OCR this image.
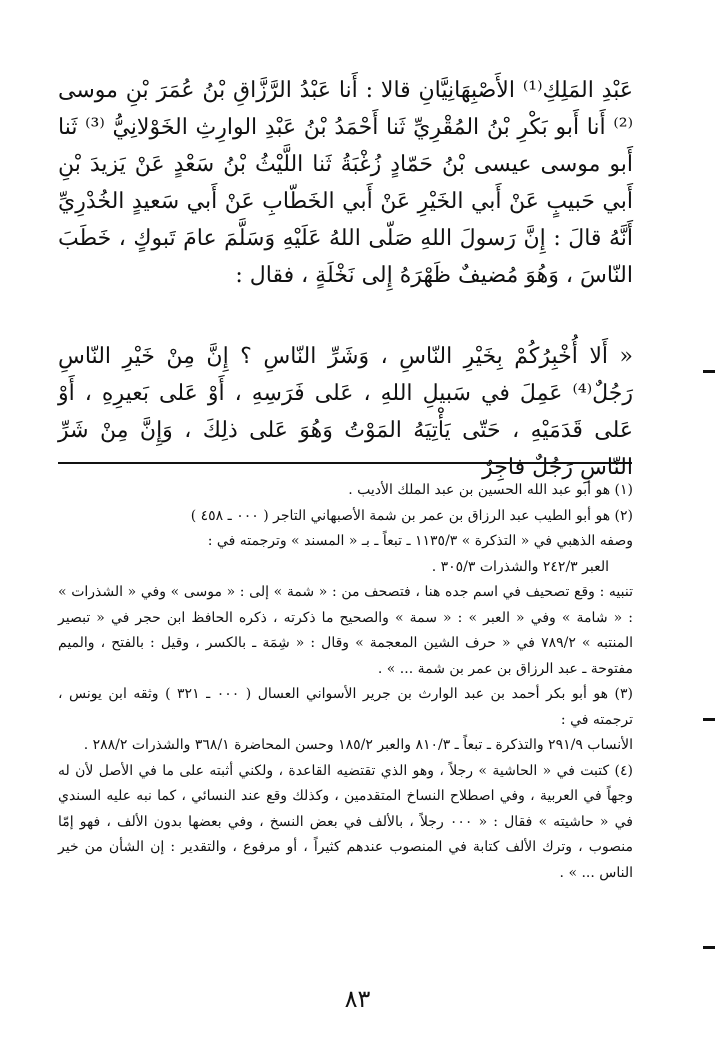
عَبْدِ المَلِكِ⁽¹⁾ الأَصْبِهَانِيَّانِ قالا : أَنا عَبْدُ الرَّزَّاقِ بْنُ عُمَرَ بْنِ موسى ⁽²⁾ أَنا أَبو بَكْرِ بْنُ المُقْرِيِّ ثَنا أَحْمَدُ بْنُ عَبْدِ الوارِثِ الخَوْلانِيُّ ⁽³⁾ ثَنا أَبو موسى عيسى بْنُ حَمّادٍ زُغْبَةُ ثَنا اللَّيْثُ بْنُ سَعْدٍ عَنْ يَزيدَ بْنِ أَبي حَبيبٍ عَنْ أَبي الخَيْرِ عَنْ أَبي الخَطّابِ عَنْ أَبي سَعيدٍ الخُدْرِيِّ أَنَّهُ قالَ : إِنَّ رَسولَ اللهِ صَلّى اللهُ عَلَيْهِ وَسَلَّمَ عامَ تَبوكٍ ، خَطَبَ النّاسَ ، وَهُوَ مُضيفٌ ظَهْرَهُ إِلى نَخْلَةٍ ، فقال :

« أَلا أُخْبِرُكُمْ بِخَيْرِ النّاسِ ، وَشَرِّ النّاسِ ؟ إِنَّ مِنْ خَيْرِ النّاسِ رَجُلٌ⁽⁴⁾ عَمِلَ في سَبيلِ اللهِ ، عَلى فَرَسِهِ ، أَوْ عَلى بَعيرِهِ ، أَوْ عَلى قَدَمَيْهِ ، حَتّى يَأْتِيَهُ المَوْتُ وَهُوَ عَلى ذلِكَ ، وَإِنَّ مِنْ شَرِّ النّاسِ رَجُلٌ فاجِرٌ

(١) هو أبو عبد الله الحسين بن عبد الملك الأديب .

(٢) هو أبو الطيب عبد الرزاق بن عمر بن شمة الأصبهاني التاجر ( ٠٠٠ ـ ٤٥٨ )

وصفه الذهبي في « التذكرة » ١١٣٥/٣ ـ تبعاً ـ بـ « المسند » وترجمته في :

العبر ٢٤٢/٣ والشذرات ٣٠٥/٣ .

تنبيه : وقع تصحيف في اسم جده هنا ، فتصحف من : « شمة » إلى : « موسى » وفي « الشذرات » : « شامة » وفي « العبر » : « سمة » والصحيح ما ذكرته ، ذكره الحافظ ابن حجر في « تبصير المنتبه » ٧٨٩/٢ في « حرف الشين المعجمة » وقال : « شِمَة ـ بالكسر ، وقيل : بالفتح ، والميم مفتوحة ـ عبد الرزاق بن عمر بن شمة ... » .

(٣) هو أبو بكر أحمد بن عبد الوارث بن جرير الأسواني العسال ( ٠٠٠ ـ ٣٢١ ) وثقه ابن يونس ، ترجمته في :

الأنساب ٢٩١/٩ والتذكرة ـ تبعاً ـ ٨١٠/٣ والعبر ١٨٥/٢ وحسن المحاضرة ٣٦٨/١ والشذرات ٢٨٨/٢ .

(٤) كتبت في « الحاشية » رجلاً ، وهو الذي تقتضيه القاعدة ، ولكني أثبته على ما في الأصل لأن له وجهاً في العربية ، وفي اصطلاح النساخ المتقدمين ، وكذلك وقع عند النسائي ، كما نبه عليه السندي في « حاشيته » فقال : « ٠٠٠ رجلاً ، بالألف في بعض النسخ ، وفي بعضها بدون الألف ، فهو إمّا منصوب ، وترك الألف كتابة في المنصوب عندهم كثيراً ، أو مرفوع ، والتقدير : إن الشأن من خير الناس ... » .

٨٣
